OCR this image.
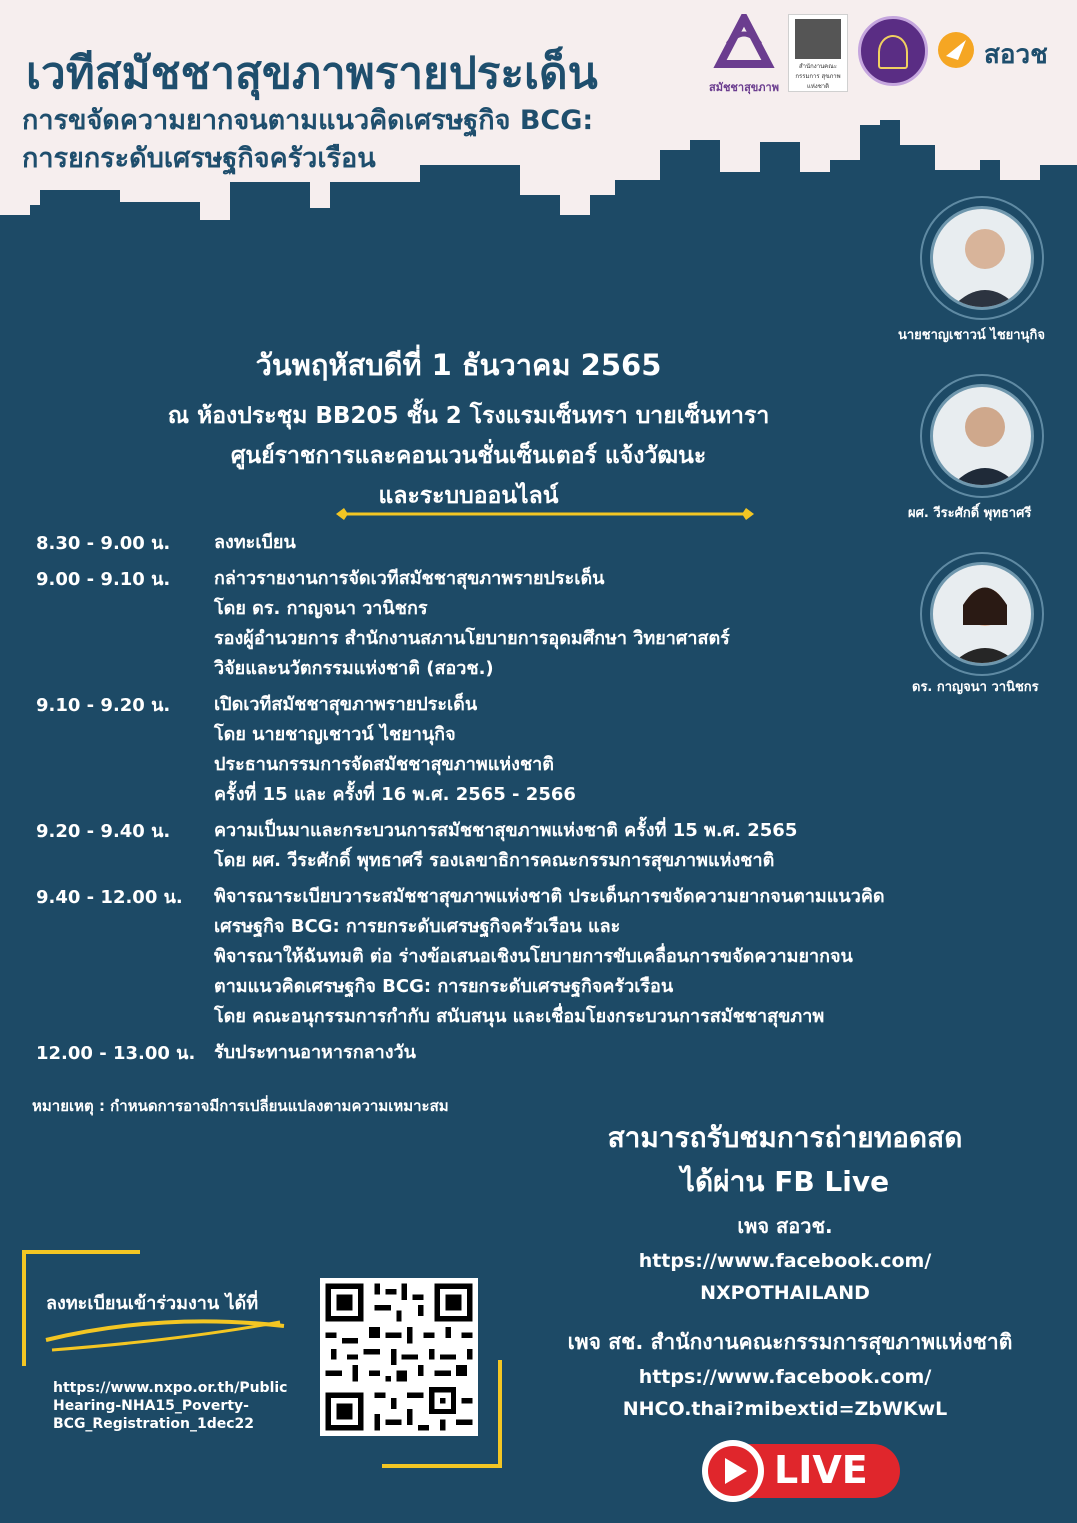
เวทีสมัชชาสุขภาพรายประเด็น
การขจัดความยากจนตามแนวคิดเศรษฐกิจ BCG:
การยกระดับเศรษฐกิจครัวเรือน
สมัชชาสุขภาพ
สำนักงานคณะกรรมการ สุขภาพแห่งชาติ
สอวช
วันพฤหัสบดีที่ 1 ธันวาคม 2565
ณ ห้องประชุม BB205 ชั้น 2 โรงแรมเซ็นทรา บายเซ็นทารา
ศูนย์ราชการและคอนเวนชั่นเซ็นเตอร์ แจ้งวัฒนะ
และระบบออนไลน์
นายชาญเชาวน์ ไชยานุกิจ
ผศ. วีระศักดิ์ พุทธาศรี
ดร. กาญจนา วานิชกร
8.30 - 9.00 น. ลงทะเบียน
9.00 - 9.10 น. กล่าวรายงานการจัดเวทีสมัชชาสุขภาพรายประเด็น
โดย ดร. กาญจนา วานิชกร
รองผู้อำนวยการ สำนักงานสภานโยบายการอุดมศึกษา วิทยาศาสตร์
วิจัยและนวัตกรรมแห่งชาติ (สอวช.)
9.10 - 9.20 น. เปิดเวทีสมัชชาสุขภาพรายประเด็น
โดย นายชาญเชาวน์ ไชยานุกิจ
ประธานกรรมการจัดสมัชชาสุขภาพแห่งชาติ
ครั้งที่ 15 และ ครั้งที่ 16 พ.ศ. 2565 - 2566
9.20 - 9.40 น. ความเป็นมาและกระบวนการสมัชชาสุขภาพแห่งชาติ ครั้งที่ 15 พ.ศ. 2565
โดย ผศ. วีระศักดิ์ พุทธาศรี รองเลขาธิการคณะกรรมการสุขภาพแห่งชาติ
9.40 - 12.00 น. พิจารณาระเบียบวาระสมัชชาสุขภาพแห่งชาติ ประเด็นการขจัดความยากจนตามแนวคิด
เศรษฐกิจ BCG: การยกระดับเศรษฐกิจครัวเรือน และ
พิจารณาให้ฉันทมติ ต่อ ร่างข้อเสนอเชิงนโยบายการขับเคลื่อนการขจัดความยากจน
ตามแนวคิดเศรษฐกิจ BCG: การยกระดับเศรษฐกิจครัวเรือน
โดย คณะอนุกรรมการกำกับ สนับสนุน และเชื่อมโยงกระบวนการสมัชชาสุขภาพ
12.00 - 13.00 น. รับประทานอาหารกลางวัน
หมายเหตุ : กำหนดการอาจมีการเปลี่ยนแปลงตามความเหมาะสม
สามารถรับชมการถ่ายทอดสด
ได้ผ่าน FB Live
เพจ สอวช.
https://www.facebook.com/
NXPOTHAILAND
เพจ สช. สำนักงานคณะกรรมการสุขภาพแห่งชาติ
https://www.facebook.com/
NHCO.thai?mibextid=ZbWKwL
LIVE
ลงทะเบียนเข้าร่วมงาน ได้ที่
https://www.nxpo.or.th/Public
Hearing-NHA15_Poverty-
BCG_Registration_1dec22
